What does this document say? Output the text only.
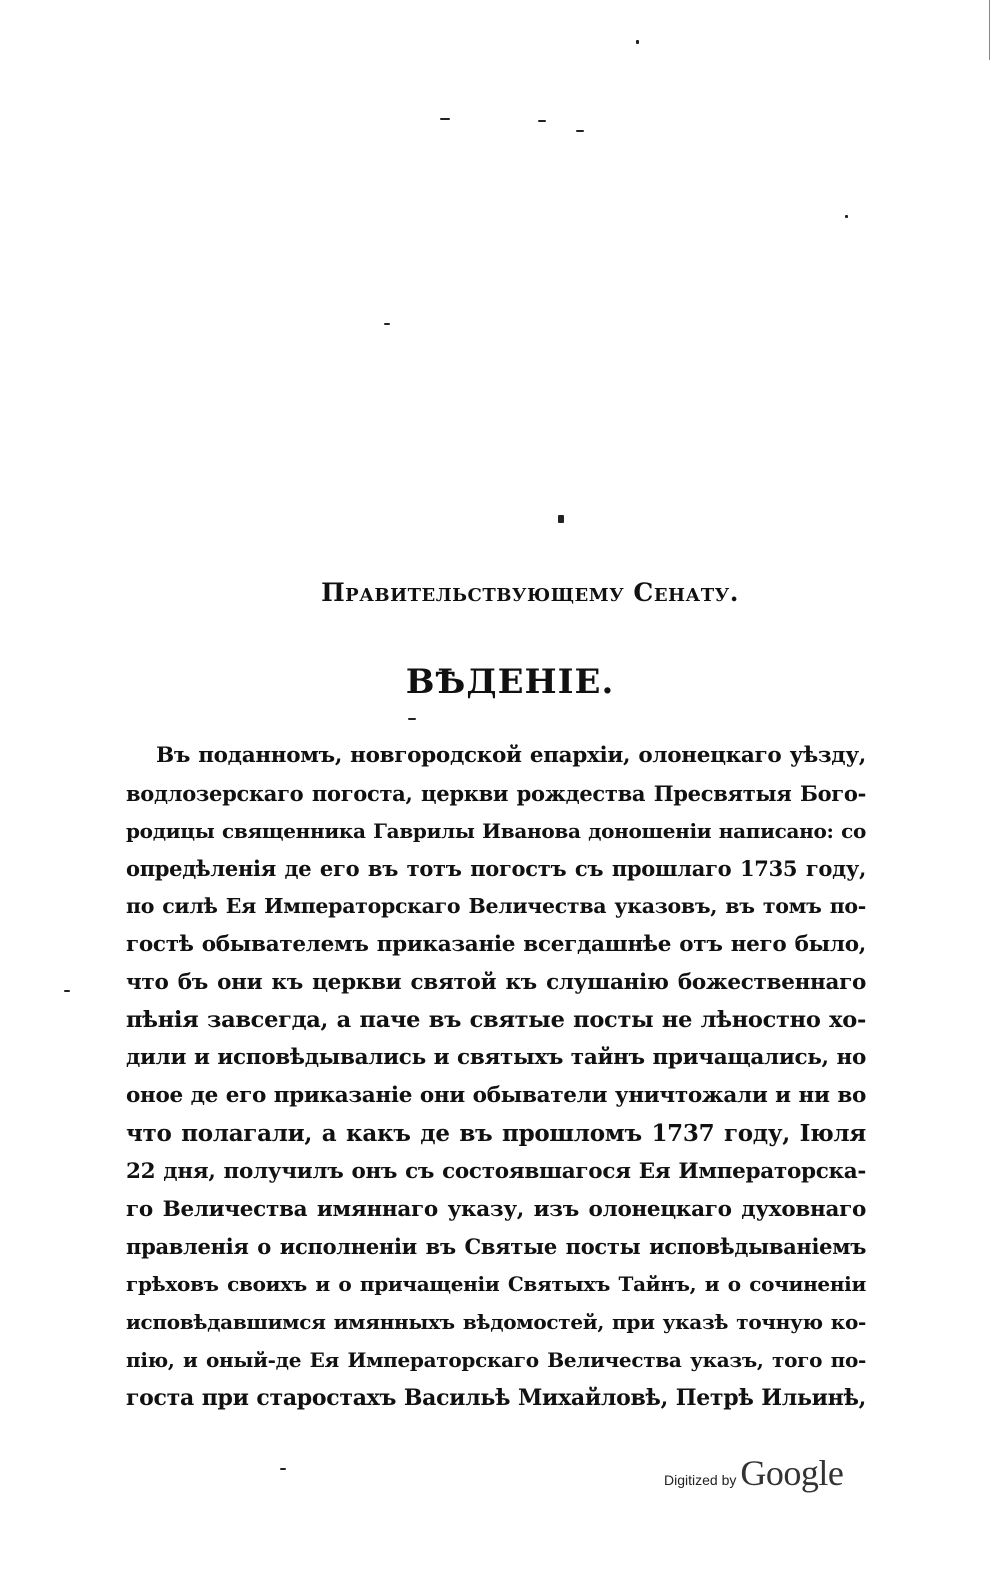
Правительствующему Сенату.
ВѢДЕНІЕ.
Въ поданномъ, новгородской епархіи, олонецкаго уѣзду,
водлозерскаго погоста, церкви рождества Пресвятыя Бого-
родицы священника Гаврилы Иванова доношеніи написано: со
опредѣленія де его въ тотъ погостъ съ прошлаго 1735 году,
по силѣ Ея Императорскаго Величества указовъ, въ томъ по-
гостѣ обывателемъ приказаніе всегдашнѣе отъ него было,
что бъ они къ церкви святой къ слушанію божественнаго
пѣнія завсегда, а паче въ святые посты не лѣностно хо-
дили и исповѣдывались и святыхъ тайнъ причащались, но
оное де его приказаніе они обыватели уничтожали и ни во
что полагали, а какъ де въ прошломъ 1737 году, Іюля
22 дня, получилъ онъ съ состоявшагося Ея Императорска-
го Величества имяннаго указу, изъ олонецкаго духовнаго
правленія о исполненіи въ Святые посты исповѣдываніемъ
грѣховъ своихъ и о причащеніи Святыхъ Тайнъ, и о сочиненіи
исповѣдавшимся имянныхъ вѣдомостей, при указѣ точную ко-
пію, и оный-де Ея Императорскаго Величества указъ, того по-
госта при старостахъ Васильѣ Михайловѣ, Петрѣ Ильинѣ,
Digitized by Google
